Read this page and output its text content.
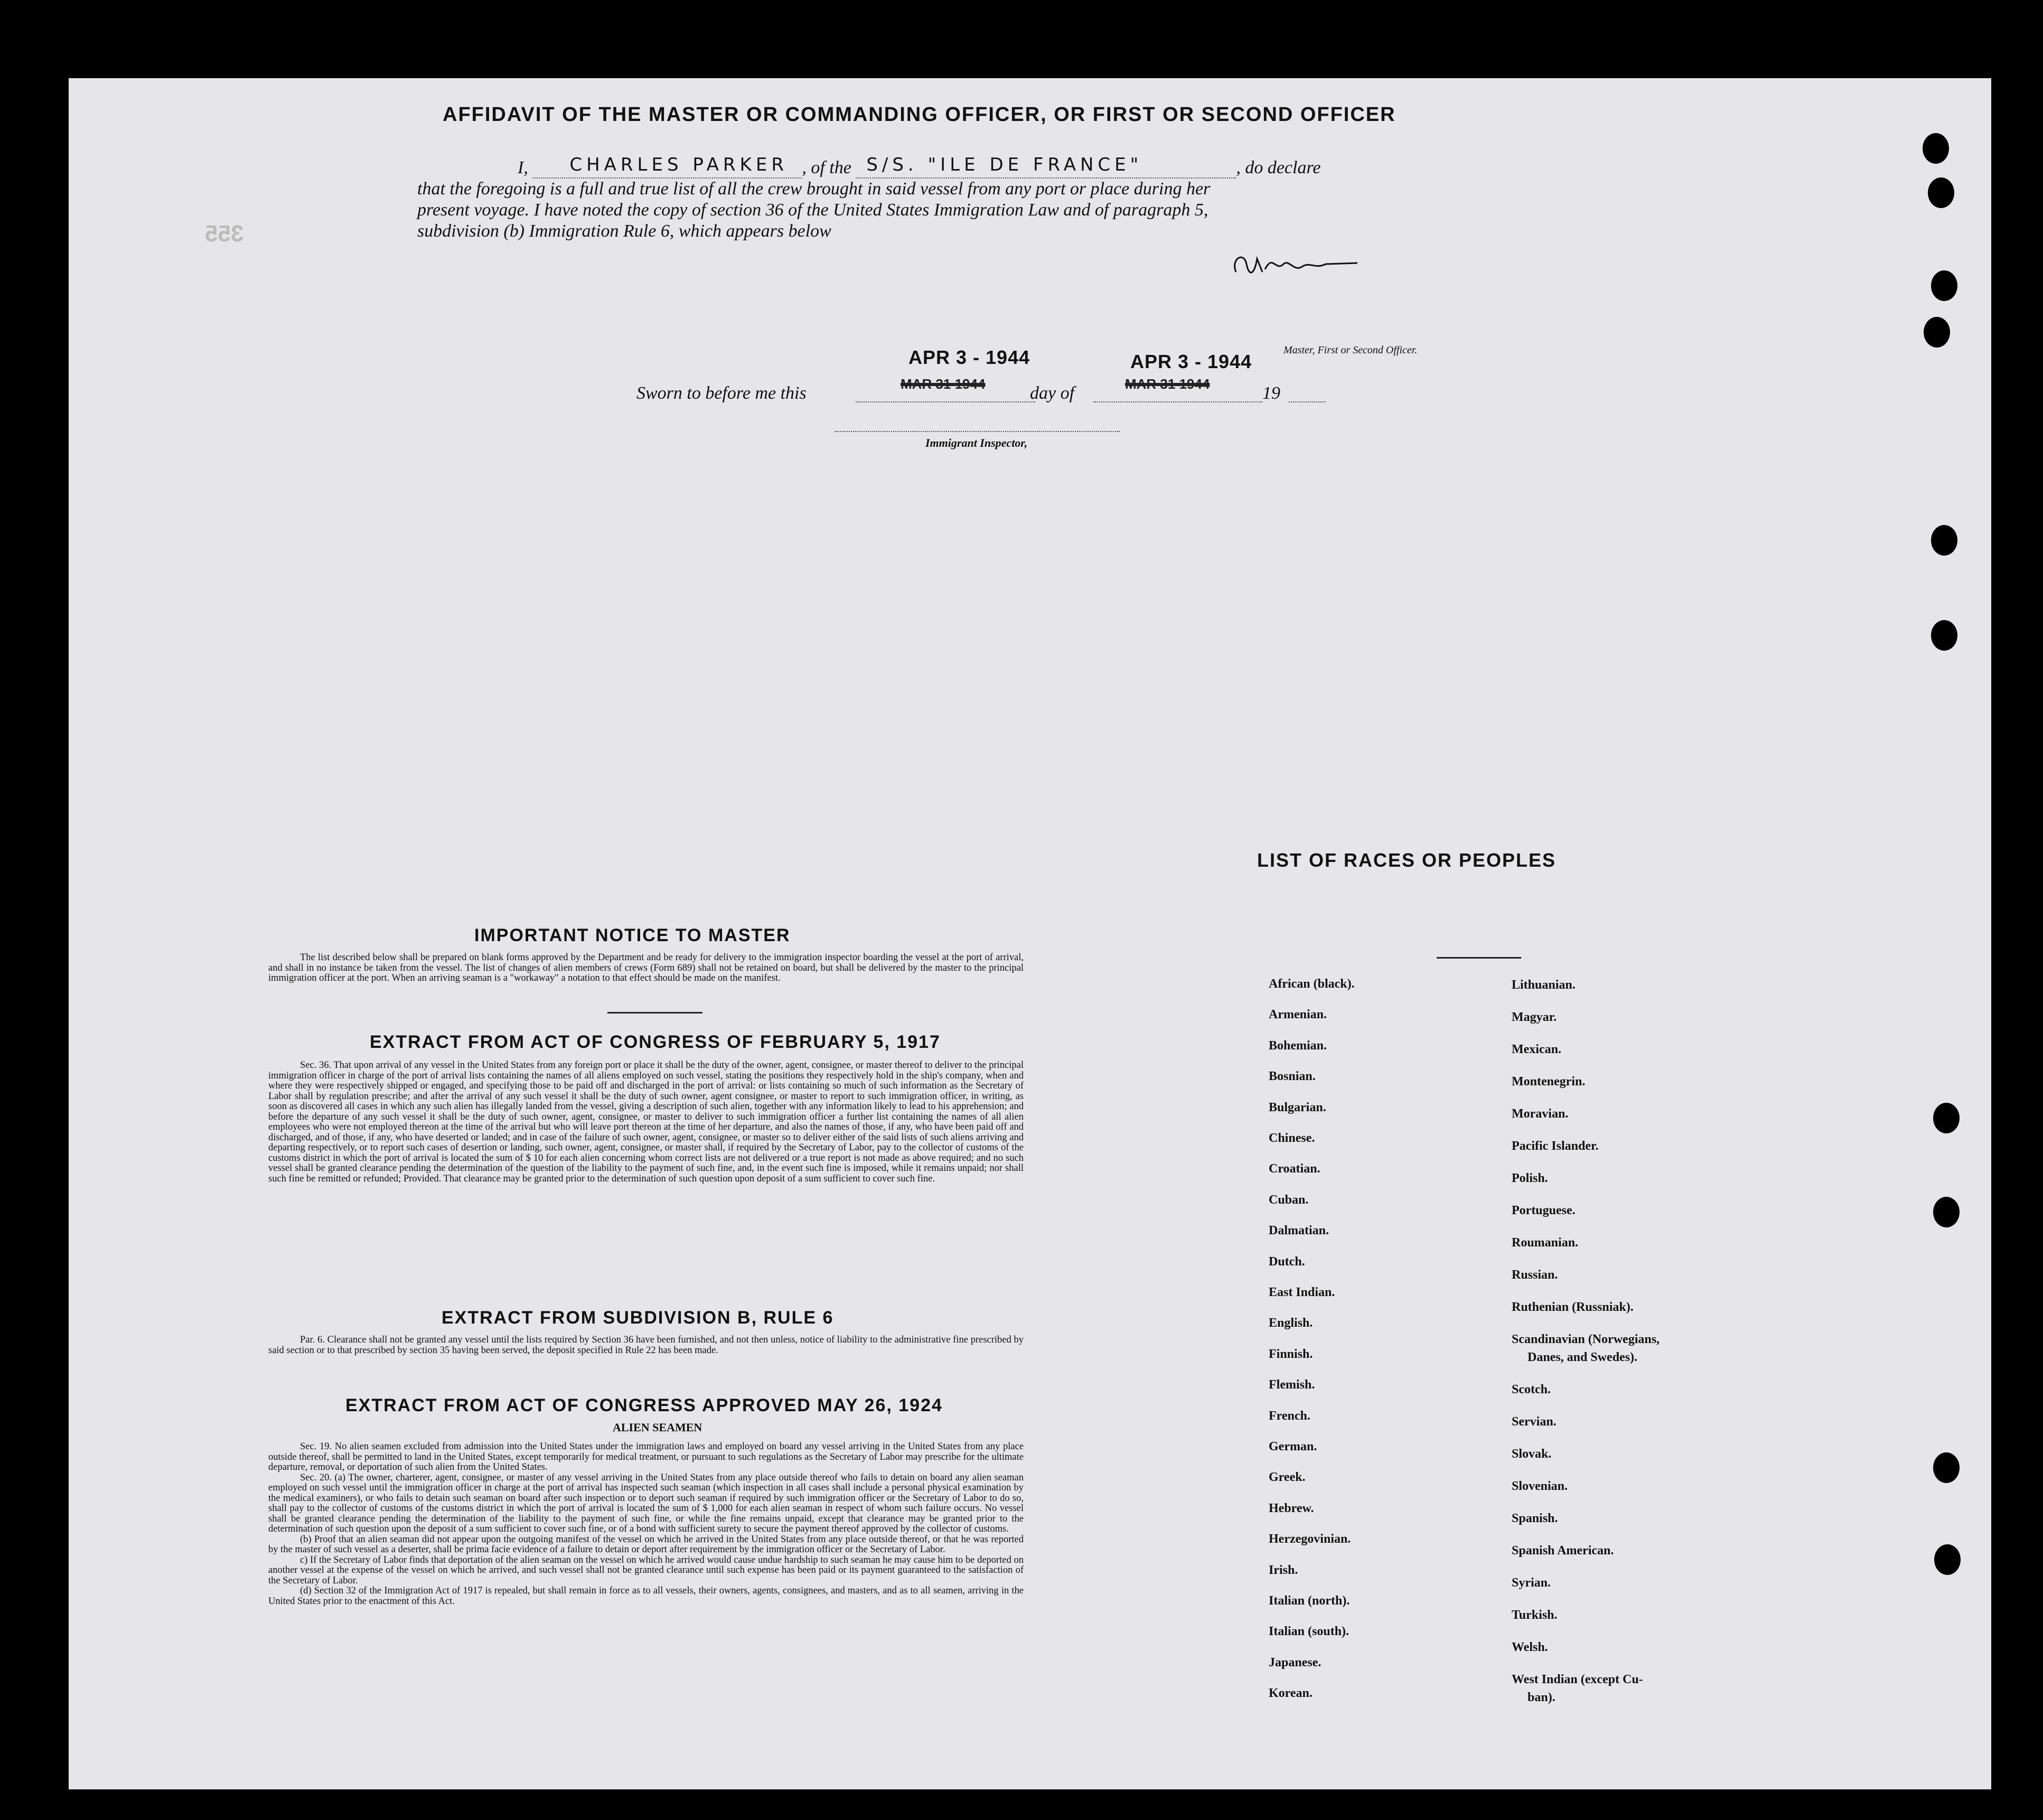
355
AFFIDAVIT OF THE MASTER OR COMMANDING OFFICER, OR FIRST OR SECOND OFFICER

I, CHARLES PARKER , of the S/S. "ILE DE FRANCE"	, do declare

that the foregoing is a full and true list of all the crew brought in said vessel from any port or place during her

present voyage. I have noted the copy of section 36 of the United States Immigration Law and of paragraph 5,

subdivision (b) Immigration Rule 6, which appears below

Master, First or Second Officer.
APR 3 - 1944	APR 3 - 1944
Sworn to before me this	MAR 31 1944 day of	MAR 31 1944	19
Immigrant Inspector,
IMPORTANT NOTICE TO MASTER

The list described below shall be prepared on blank forms approved by the Department and be ready for delivery to the immigration inspector boarding the vessel at the port of arrival, and shall in no instance be taken from the vessel. The list of changes of alien members of crews (Form 689) shall not be retained on board, but shall be delivered by the master to the principal immigration officer at the port. When an arriving seaman is a "workaway" a notation to that effect should be made on the manifest.

EXTRACT FROM ACT OF CONGRESS OF FEBRUARY 5, 1917

Sec. 36. That upon arrival of any vessel in the United States from any foreign port or place it shall be the duty of the owner, agent, consignee, or master thereof to deliver to the principal immigration officer in charge of the port of arrival lists containing the names of all aliens employed on such vessel, stating the positions they respectively hold in the ship's company, when and where they were respectively shipped or engaged, and specifying those to be paid off and discharged in the port of arrival: or lists containing so much of such information as the Secretary of Labor shall by regulation prescribe; and after the arrival of any such vessel it shall be the duty of such owner, agent consignee, or master to report to such immigration officer, in writing, as soon as discovered all cases in which any such alien has illegally landed from the vessel, giving a description of such alien, together with any information likely to lead to his apprehension; and before the departure of any such vessel it shall be the duty of such owner, agent, consignee, or master to deliver to such immigration officer a further list containing the names of all alien employees who were not employed thereon at the time of the arrival but who will leave port thereon at the time of her departure, and also the names of those, if any, who have been paid off and discharged, and of those, if any, who have deserted or landed; and in case of the failure of such owner, agent, consignee, or master so to deliver either of the said lists of such aliens arriving and departing respectively, or to report such cases of desertion or landing, such owner, agent, consignee, or master shall, if required by the Secretary of Labor, pay to the collector of customs of the customs district in which the port of arrival is located the sum of $ 10 for each alien concerning whom correct lists are not delivered or a true report is not made as above required; and no such vessel shall be granted clearance pending the determination of the question of the liability to the payment of such fine, and, in the event such fine is imposed, while it remains unpaid; nor shall such fine be remitted or refunded; Provided. That clearance may be granted prior to the determination of such question upon deposit of a sum sufficient to cover such fine.

EXTRACT FROM SUBDIVISION B, RULE 6

Par. 6. Clearance shall not be granted any vessel until the lists required by Section 36 have been furnished, and not then unless, notice of liability to the administrative fine prescribed by said section or to that prescribed by section 35 having been served, the deposit specified in Rule 22 has been made.

EXTRACT FROM ACT OF CONGRESS APPROVED MAY 26, 1924
ALIEN SEAMEN

Sec. 19. No alien seamen excluded from admission into the United States under the immigration laws and employed on board any vessel arriving in the United States from any place outside thereof, shall be permitted to land in the United States, except temporarily for medical treatment, or pursuant to such regulations as the Secretary of Labor may prescribe for the ultimate departure, removal, or deportation of such alien from the United States.

Sec. 20. (a) The owner, charterer, agent, consignee, or master of any vessel arriving in the United States from any place outside thereof who fails to detain on board any alien seaman employed on such vessel until the immigration officer in charge at the port of arrival has inspected such seaman (which inspection in all cases shall include a personal physical examination by the medical examiners), or who fails to detain such seaman on board after such inspection or to deport such seaman if required by such immigration officer or the Secretary of Labor to do so, shall pay to the collector of customs of the customs district in which the port of arrival is located the sum of $ 1,000 for each alien seaman in respect of whom such failure occurs. No vessel shall be granted clearance pending the determination of the liability to the payment of such fine, or while the fine remains unpaid, except that clearance may be granted prior to the determination of such question upon the deposit of a sum sufficient to cover such fine, or of a bond with sufficient surety to secure the payment thereof approved by the collector of customs.

(b) Proof that an alien seaman did not appear upon the outgoing manifest of the vessel on which he arrived in the United States from any place outside thereof, or that he was reported by the master of such vessel as a deserter, shall be prima facie evidence of a failure to detain or deport after requirement by the immigration officer or the Secretary of Labor.

c) If the Secretary of Labor finds that deportation of the alien seaman on the vessel on which he arrived would cause undue hardship to such seaman he may cause him to be deported on another vessel at the expense of the vessel on which he arrived, and such vessel shall not be granted clearance until such expense has been paid or its payment guaranteed to the satisfaction of the Secretary of Labor.

(d) Section 32 of the Immigration Act of 1917 is repealed, but shall remain in force as to all vessels, their owners, agents, consignees, and masters, and as to all seamen, arriving in the United States prior to the enactment of this Act.

LIST OF RACES OR PEOPLES
African (black).
Armenian.
Bohemian.
Bosnian.
Bulgarian.
Chinese.
Croatian.
Cuban.
Dalmatian.
Dutch.
East Indian.
English.
Finnish.
Flemish.
French.
German.
Greek.
Hebrew.
Herzegovinian.
Irish.
Italian (north).
Italian (south).
Japanese.
Korean.
Lithuanian.
Magyar.
Mexican.
Montenegrin.
Moravian.
Pacific Islander.
Polish.
Portuguese.
Roumanian.
Russian.
Ruthenian (Russniak).
Scandinavian (Norwegians,
Danes, and Swedes).
Scotch.
Servian.
Slovak.
Slovenian.
Spanish.
Spanish American.
Syrian.
Turkish.
Welsh.
West Indian (except Cu-
ban).
